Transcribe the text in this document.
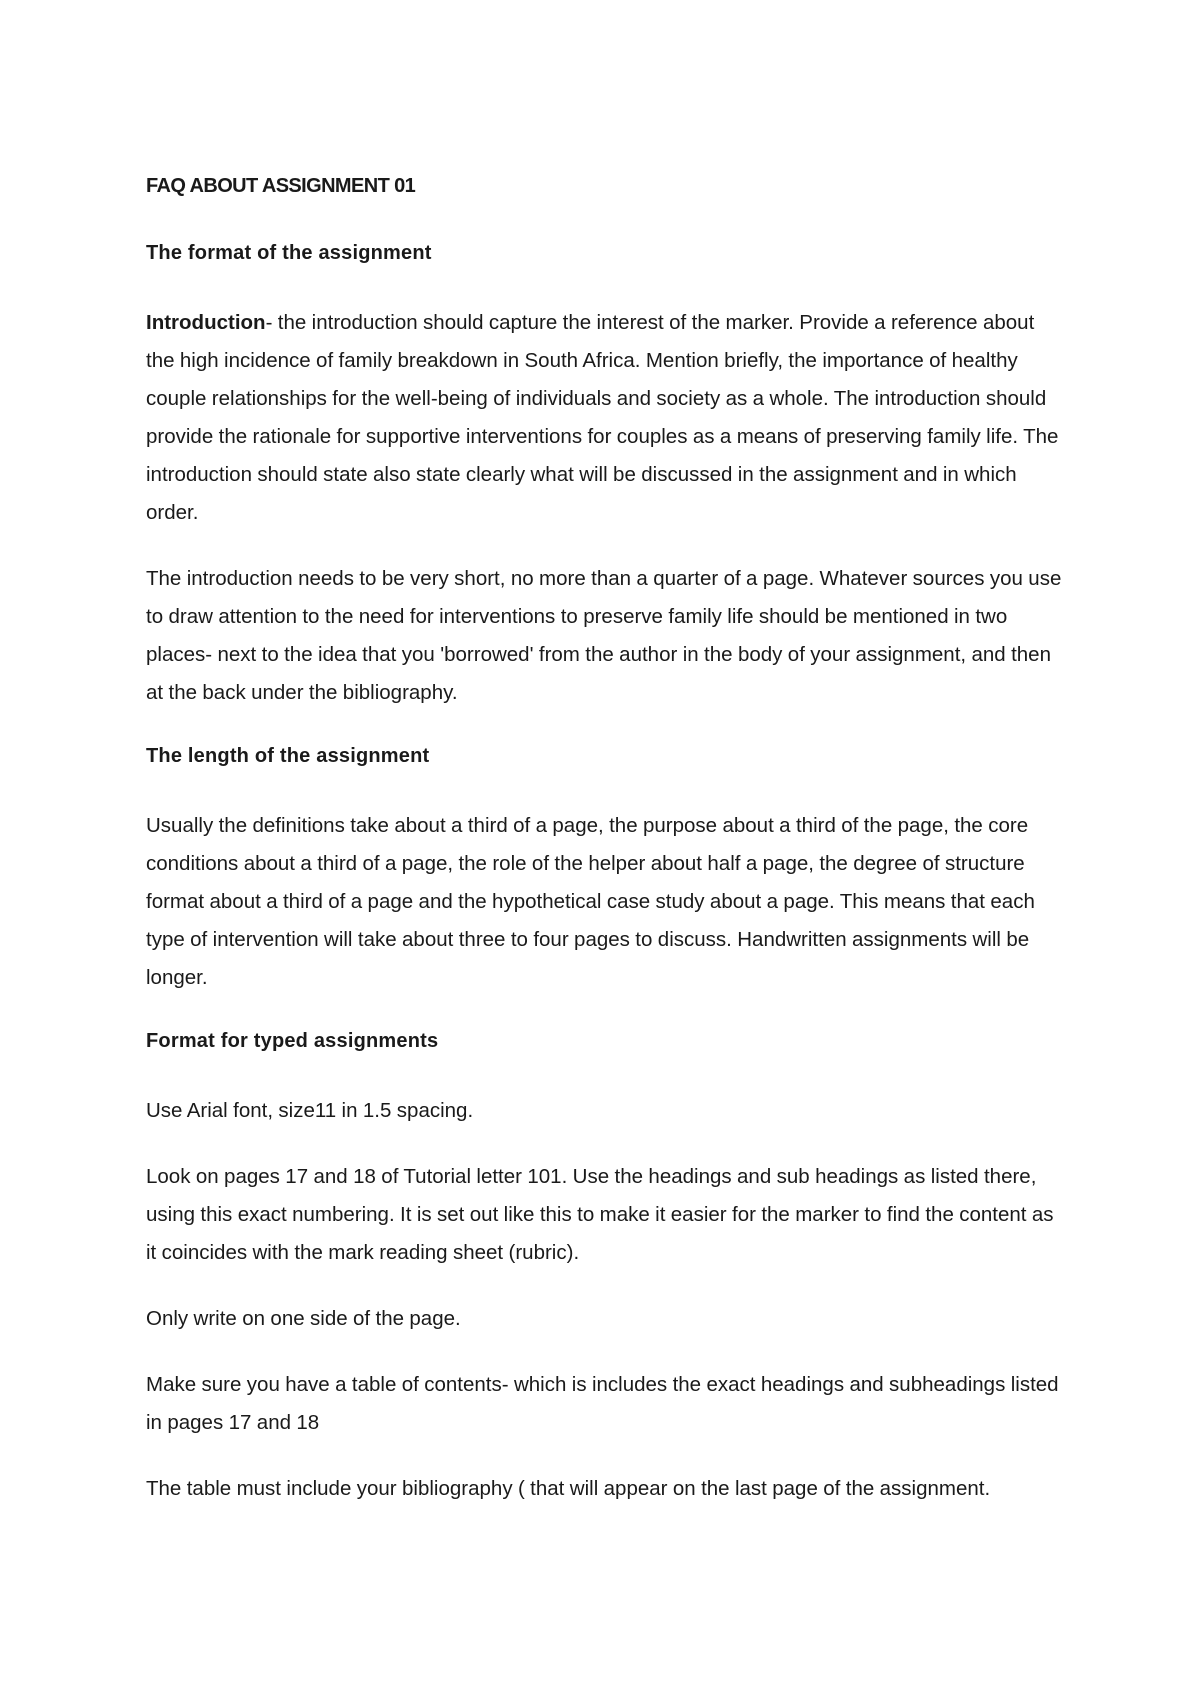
FAQ ABOUT ASSIGNMENT 01
The format of the assignment

Introduction- the introduction should capture the interest of the marker. Provide a reference about the high incidence of family breakdown in South Africa. Mention briefly, the importance of healthy couple relationships for the well-being of individuals and society as a whole. The introduction should provide the rationale for supportive interventions for couples as a means of preserving family life. The introduction should state also state clearly what will be discussed in the assignment and in which order.

The introduction needs to be very short, no more than a quarter of a page. Whatever sources you use to draw attention to the need for interventions to preserve family life should be mentioned in two places- next to the idea that you 'borrowed' from the author in the body of your assignment, and then at the back under the bibliography.

The length of the assignment

Usually the definitions take about a third of a page, the purpose about a third of the page, the core conditions about a third of a page, the role of the helper about half a page, the degree of structure format about a third of a page and the hypothetical case study about a page. This means that each type of intervention will take about three to four pages to discuss. Handwritten assignments will be longer.

Format for typed assignments

Use Arial font, size11 in 1.5 spacing.

Look on pages 17 and 18 of Tutorial letter 101. Use the headings and sub headings as listed there, using this exact numbering. It is set out like this to make it easier for the marker to find the content as it coincides with the mark reading sheet (rubric).

Only write on one side of the page.

Make sure you have a table of contents- which is includes the exact headings and subheadings listed in pages 17 and 18

The table must include your bibliography ( that will appear on the last page of the assignment.
